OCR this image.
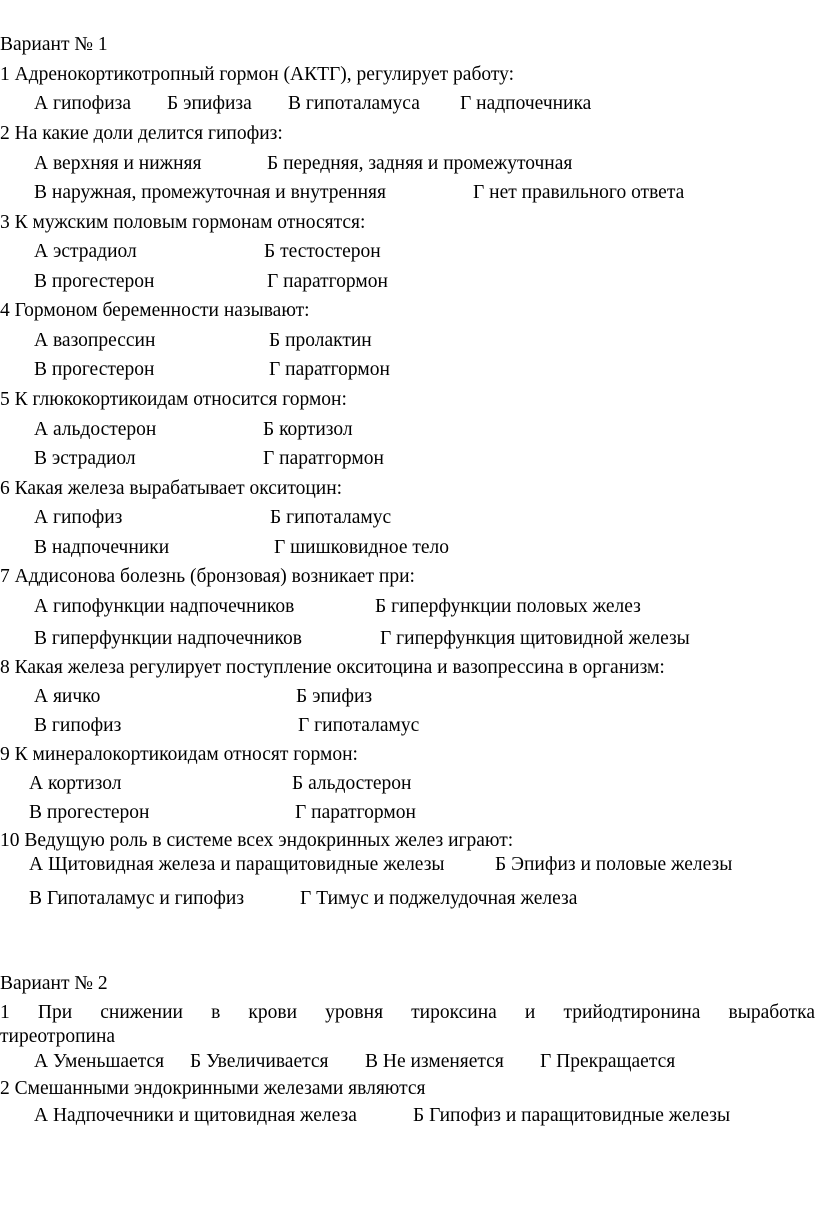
Вариант № 1
1 Адренокортикотропный гормон (АКТГ), регулирует работу:
А гипофиза Б эпифиза В гипоталамуса Г надпочечника
2 На какие доли делится гипофиз:
А верхняя и нижняя	Б передняя, задняя и промежуточная
В наружная, промежуточная и внутренняя	Г нет правильного ответа
3 К мужским половым гормонам относятся:
А эстрадиол	Б тестостерон
В прогестерон	Г паратгормон
4 Гормоном беременности называют:
А вазопрессин	Б пролактин
В прогестерон	Г паратгормон
5 К глюкокортикоидам относится гормон:
А альдостерон	Б кортизол
В эстрадиол	Г паратгормон
6 Какая железа вырабатывает окситоцин:
А гипофиз	Б гипоталамус
В надпочечники	Г шишковидное тело
7 Аддисонова болезнь (бронзовая) возникает при:
А гипофункции надпочечников	Б гиперфункции половых желез
В гиперфункции надпочечников	Г гиперфункция щитовидной железы
8 Какая железа регулирует поступление окситоцина и вазопрессина в организм:
А яичко	Б эпифиз
В гипофиз	Г гипоталамус
9 К минералокортикоидам относят гормон:
А кортизол	Б альдостерон
В прогестерон	Г паратгормон
10 Ведущую роль в системе всех эндокринных желез играют:
А Щитовидная железа и паращитовидные железы	Б Эпифиз и половые железы
В Гипоталамус и гипофиз	Г Тимус и поджелудочная железа
Вариант № 2
1 При снижении в крови уровня тироксина и трийодтиронина выработка
тиреотропина
А Уменьшается Б Увеличивается В Не изменяется Г Прекращается
2 Смешанными эндокринными железами являются
А Надпочечники и щитовидная железа	Б Гипофиз и паращитовидные железы
